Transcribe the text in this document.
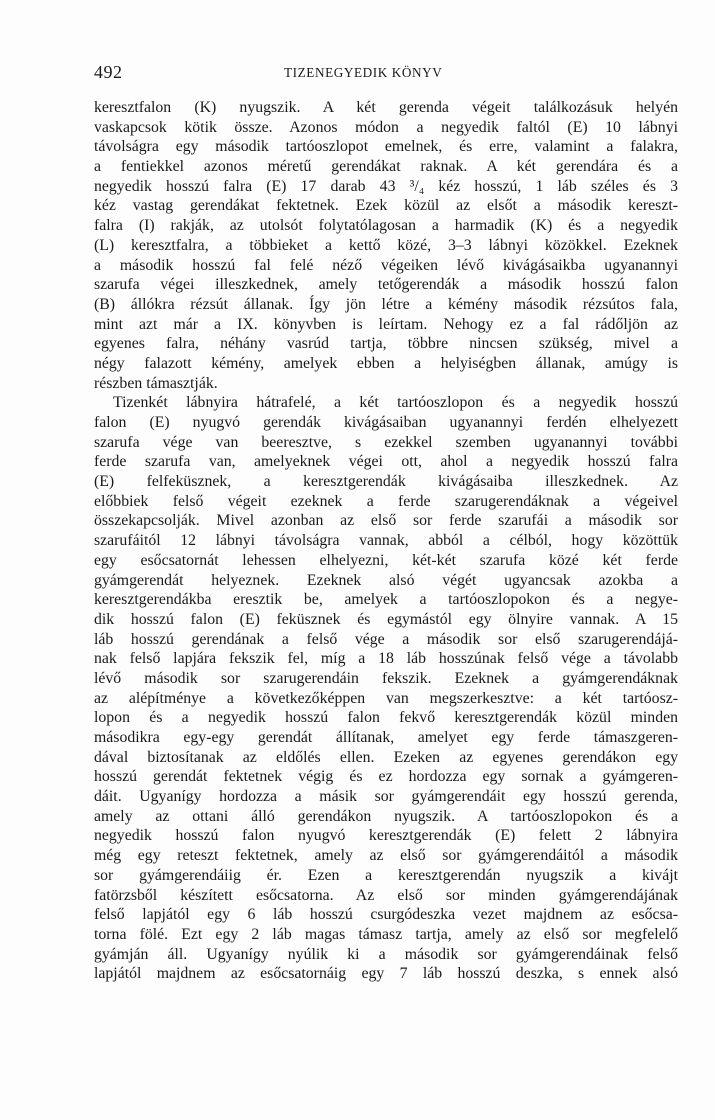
492	TIZENEGYEDIK KÖNYV
keresztfalon (K) nyugszik. A két gerenda végeit találkozásuk helyén
vaskapcsok kötik össze. Azonos módon a negyedik faltól (E) 10 lábnyi
távolságra egy második tartóoszlopot emelnek, és erre, valamint a falakra,
a fentiekkel azonos méretű gerendákat raknak. A két gerendára és a
negyedik hosszú falra (E) 17 darab 43 ³/₄ kéz hosszú, 1 láb széles és 3
kéz vastag gerendákat fektetnek. Ezek közül az elsőt a második kereszt-
falra (I) rakják, az utolsót folytatólagosan a harmadik (K) és a negyedik
(L) keresztfalra, a többieket a kettő közé, 3–3 lábnyi közökkel. Ezeknek
a második hosszú fal felé néző végeiken lévő kivágásaikba ugyanannyi
szarufa végei illeszkednek, amely tetőgerendák a második hosszú falon
(B) állókra rézsút állanak. Így jön létre a kémény második rézsútos fala,
mint azt már a IX. könyvben is leírtam. Nehogy ez a fal rádőljön az
egyenes falra, néhány vasrúd tartja, többre nincsen szükség, mivel a
négy falazott kémény, amelyek ebben a helyiségben állanak, amúgy is
részben támasztják.
Tizenkét lábnyira hátrafelé, a két tartóoszlopon és a negyedik hosszú
falon (E) nyugvó gerendák kivágásaiban ugyanannyi ferdén elhelyezett
szarufa vége van beeresztve, s ezekkel szemben ugyanannyi további
ferde szarufa van, amelyeknek végei ott, ahol a negyedik hosszú falra
(E) felfeküsznek, a keresztgerendák kivágásaiba illeszkednek. Az
előbbiek felső végeit ezeknek a ferde szarugerendáknak a végeivel
összekapcsolják. Mivel azonban az első sor ferde szarufái a második sor
szarufáitól 12 lábnyi távolságra vannak, abból a célból, hogy közöttük
egy esőcsatornát lehessen elhelyezni, két-két szarufa közé két ferde
gyámgerendát helyeznek. Ezeknek alsó végét ugyancsak azokba a
keresztgerendákba eresztik be, amelyek a tartóoszlopokon és a negye-
dik hosszú falon (E) feküsznek és egymástól egy ölnyire vannak. A 15
láb hosszú gerendának a felső vége a második sor első szarugerendájá-
nak felső lapjára fekszik fel, míg a 18 láb hosszúnak felső vége a távolabb
lévő második sor szarugerendáin fekszik. Ezeknek a gyámgerendáknak
az alépítménye a következőképpen van megszerkesztve: a két tartóosz-
lopon és a negyedik hosszú falon fekvő keresztgerendák közül minden
másodikra egy-egy gerendát állítanak, amelyet egy ferde támaszgeren-
dával biztosítanak az eldőlés ellen. Ezeken az egyenes gerendákon egy
hosszú gerendát fektetnek végig és ez hordozza egy sornak a gyámgeren-
dáit. Ugyanígy hordozza a másik sor gyámgerendáit egy hosszú gerenda,
amely az ottani álló gerendákon nyugszik. A tartóoszlopokon és a
negyedik hosszú falon nyugvó keresztgerendák (E) felett 2 lábnyira
még egy reteszt fektetnek, amely az első sor gyámgerendáitól a második
sor gyámgerendáiig ér. Ezen a keresztgerendán nyugszik a kivájt
fatörzsből készített esőcsatorna. Az első sor minden gyámgerendájának
felső lapjától egy 6 láb hosszú csurgódeszka vezet majdnem az esőcsa-
torna fölé. Ezt egy 2 láb magas támasz tartja, amely az első sor megfelelő
gyámján áll. Ugyanígy nyúlik ki a második sor gyámgerendáinak felső
lapjától majdnem az esőcsatornáig egy 7 láb hosszú deszka, s ennek alsó
